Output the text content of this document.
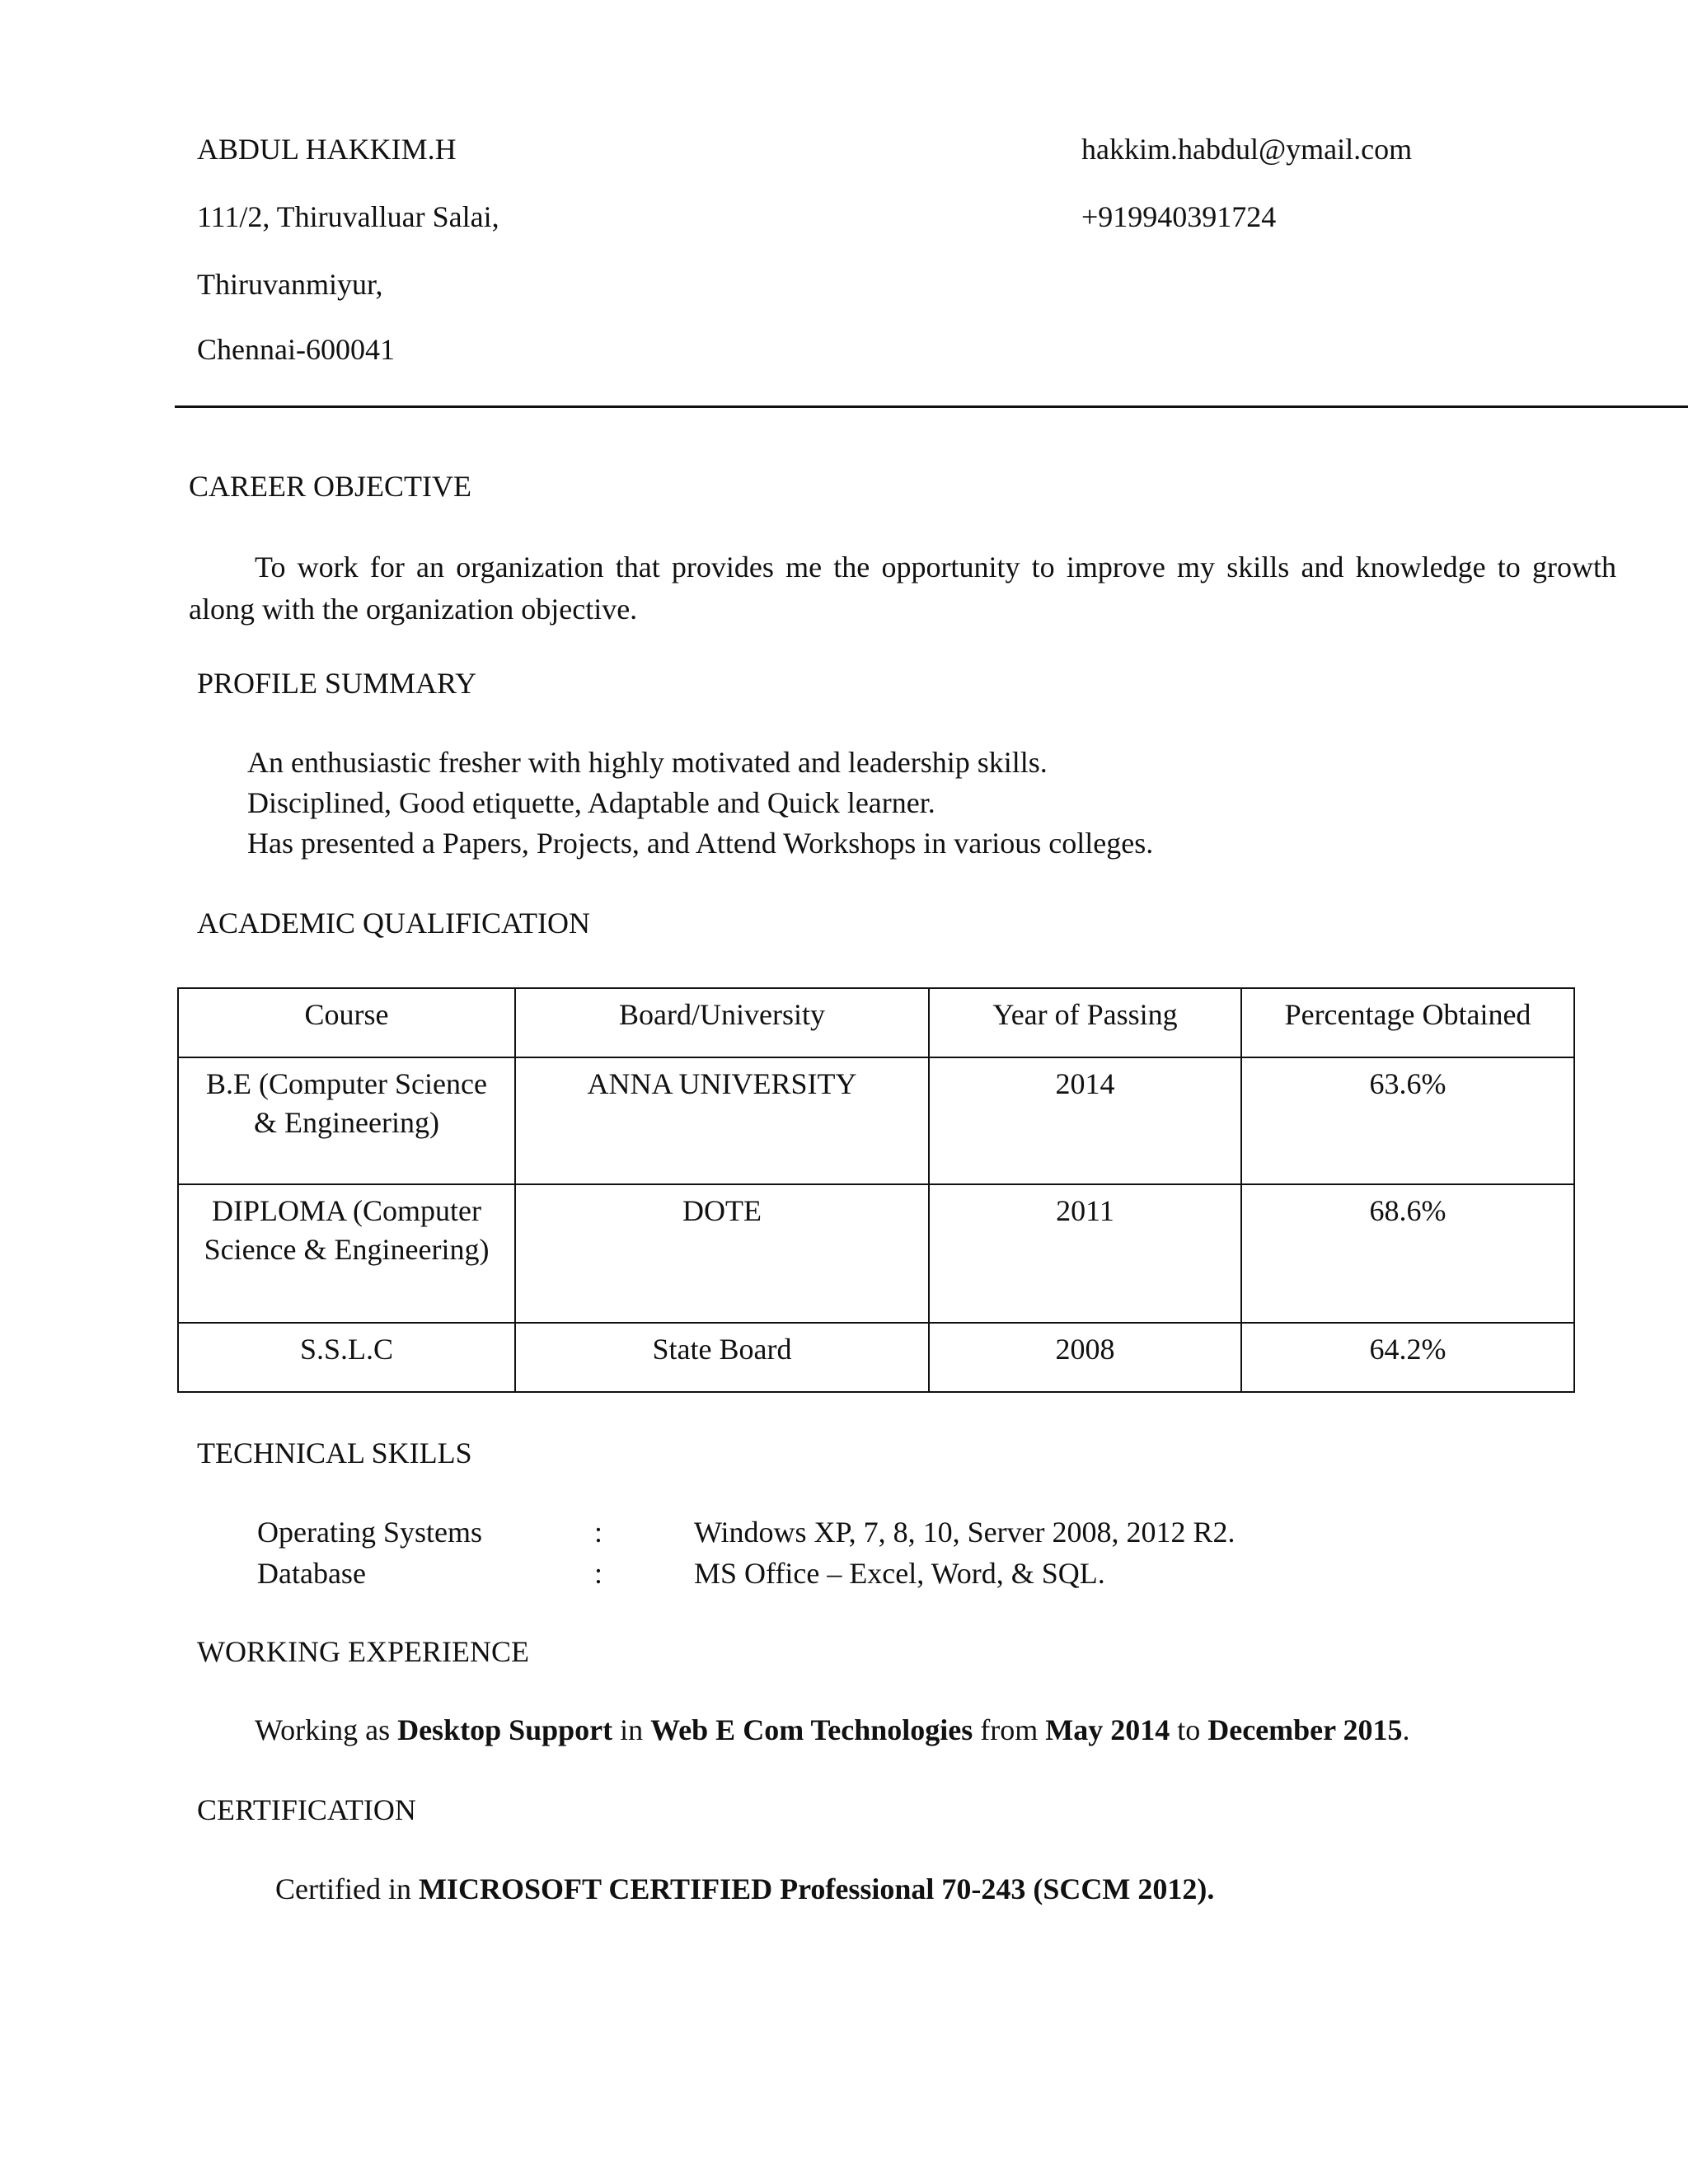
ABDUL HAKKIM.H	hakkim.habdul@ymail.com
111/2, Thiruvalluar Salai,	+919940391724
Thiruvanmiyur,
Chennai-600041
CAREER OBJECTIVE
To work for an organization that provides me the opportunity to improve my skills and knowledge to growth along with the organization objective.
PROFILE SUMMARY
An enthusiastic fresher with highly motivated and leadership skills.
Disciplined, Good etiquette, Adaptable and Quick learner.
Has presented a Papers, Projects, and Attend Workshops in various colleges.
ACADEMIC QUALIFICATION
Course	Board/University	Year of Passing	Percentage Obtained

B.E (Computer Science
& Engineering)	ANNA UNIVERSITY	2014	63.6%

DIPLOMA (Computer
Science & Engineering)	DOTE	2011	68.6%

S.S.L.C	State Board	2008	64.2%
TECHNICAL SKILLS
Operating Systems	:	Windows XP, 7, 8, 10, Server 2008, 2012 R2.
Database	:	MS Office – Excel, Word, & SQL.
WORKING EXPERIENCE
Working as Desktop Support in Web E Com Technologies from May 2014 to December 2015.
CERTIFICATION
Certified in MICROSOFT CERTIFIED Professional 70-243 (SCCM 2012).
